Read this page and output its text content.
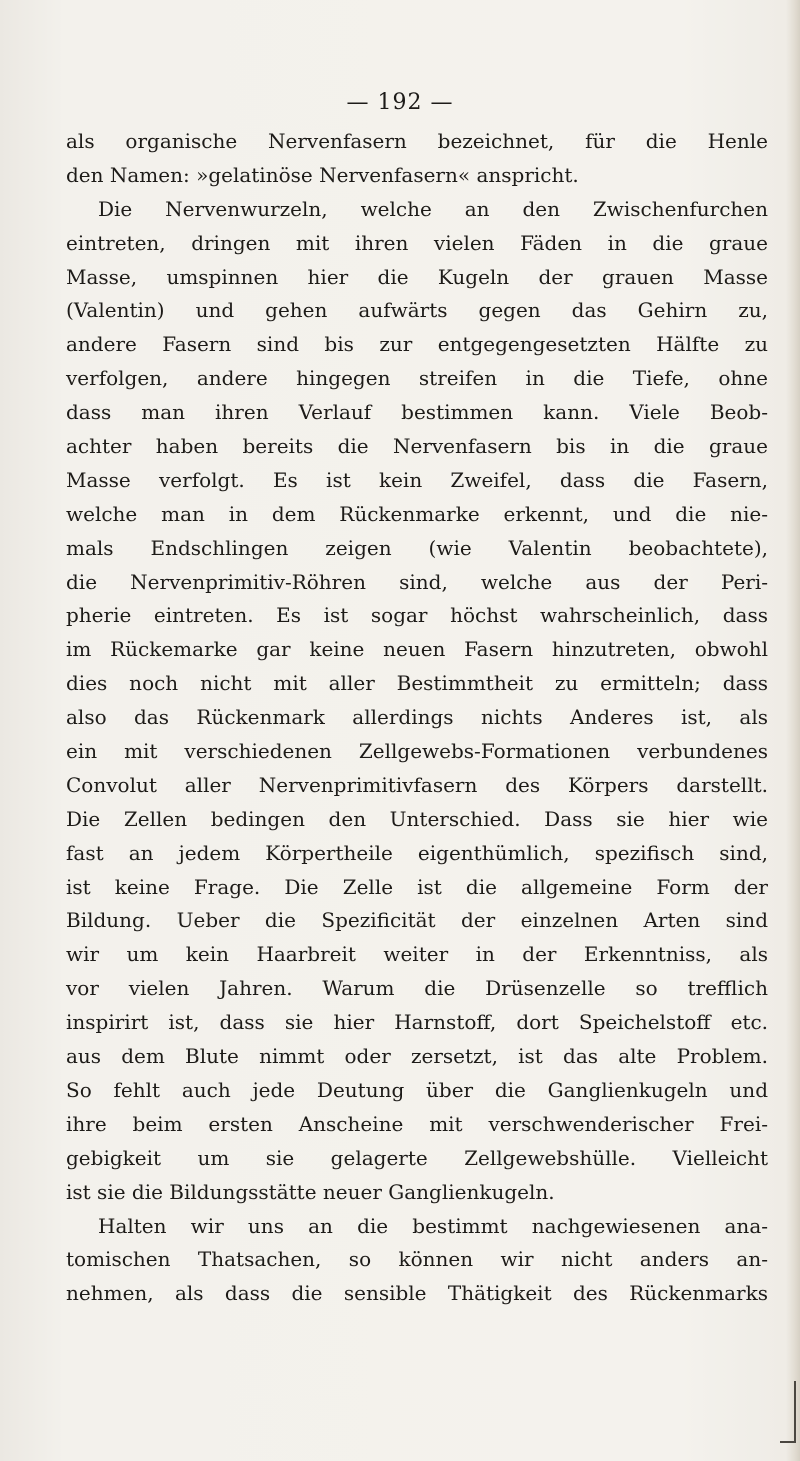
— 192 —
als organische Nervenfasern bezeichnet, für die Henle
den Namen: »gelatinöse Nervenfasern« anspricht.
Die Nervenwurzeln, welche an den Zwischenfurchen
eintreten, dringen mit ihren vielen Fäden in die graue
Masse, umspinnen hier die Kugeln der grauen Masse
(Valentin) und gehen aufwärts gegen das Gehirn zu,
andere Fasern sind bis zur entgegengesetzten Hälfte zu
verfolgen, andere hingegen streifen in die Tiefe, ohne
dass man ihren Verlauf bestimmen kann. Viele Beob-
achter haben bereits die Nervenfasern bis in die graue
Masse verfolgt. Es ist kein Zweifel, dass die Fasern,
welche man in dem Rückenmarke erkennt, und die nie-
mals Endschlingen zeigen (wie Valentin beobachtete),
die Nervenprimitiv-Röhren sind, welche aus der Peri-
pherie eintreten. Es ist sogar höchst wahrscheinlich, dass
im Rückemarke gar keine neuen Fasern hinzutreten, obwohl
dies noch nicht mit aller Bestimmtheit zu ermitteln; dass
also das Rückenmark allerdings nichts Anderes ist, als
ein mit verschiedenen Zellgewebs-Formationen verbundenes
Convolut aller Nervenprimitivfasern des Körpers darstellt.
Die Zellen bedingen den Unterschied. Dass sie hier wie
fast an jedem Körpertheile eigenthümlich, spezifisch sind,
ist keine Frage. Die Zelle ist die allgemeine Form der
Bildung. Ueber die Spezificität der einzelnen Arten sind
wir um kein Haarbreit weiter in der Erkenntniss, als
vor vielen Jahren. Warum die Drüsenzelle so trefflich
inspirirt ist, dass sie hier Harnstoff, dort Speichelstoff etc.
aus dem Blute nimmt oder zersetzt, ist das alte Problem.
So fehlt auch jede Deutung über die Ganglienkugeln und
ihre beim ersten Anscheine mit verschwenderischer Frei-
gebigkeit um sie gelagerte Zellgewebshülle. Vielleicht
ist sie die Bildungsstätte neuer Ganglienkugeln.
Halten wir uns an die bestimmt nachgewiesenen ana-
tomischen Thatsachen, so können wir nicht anders an-
nehmen, als dass die sensible Thätigkeit des Rückenmarks
